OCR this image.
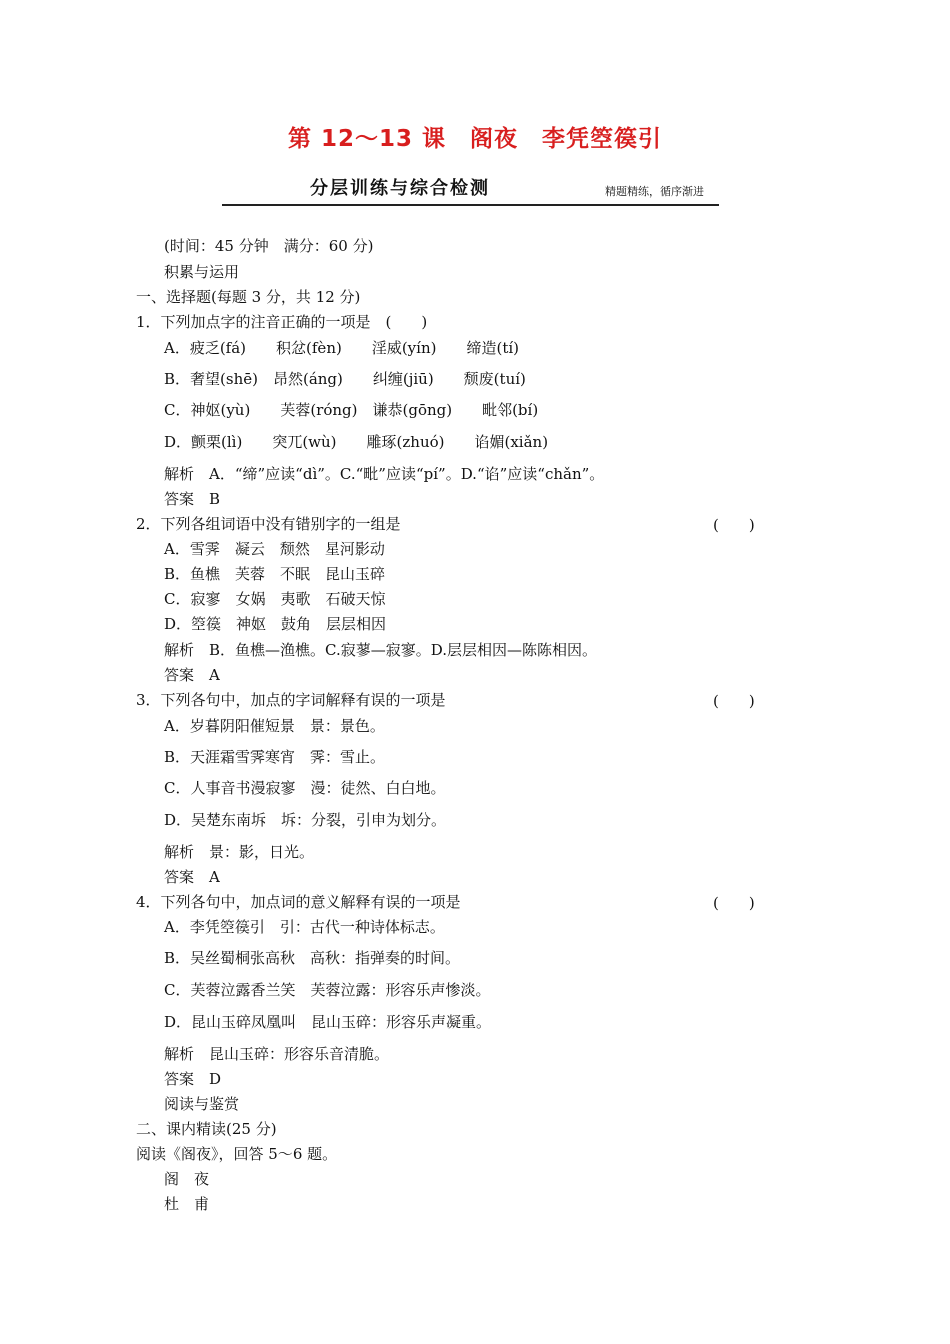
第 12～13 课　阁夜　李凭箜篌引
分层训练与综合检测	精题精练，循序渐进
(时间：45 分钟　满分：60 分)
积累与运用
一、选择题(每题 3 分，共 12 分)
1．下列加点字的注音正确的一项是　(　　)
A．疲乏(fá)　　积忿(fèn)　　淫威(yín)　　缔造(tí)
B．奢望(shē)　昂然(áng)　　纠缠(jiū)　　颓废(tuí)
C．神妪(yù)　　芙蓉(róng)　谦恭(gōng)　　毗邻(bí)
D．颤栗(lì)　　突兀(wù)　　雕琢(zhuó)　　谄媚(xiǎn)
解析　A．“缔”应读“dì”。C.“毗”应读“pí”。D.“谄”应读“chǎn”。
答案　B
2．下列各组词语中没有错别字的一组是
A．雪霁　凝云　颓然　星河影动
B．鱼樵　芙蓉　不眠　昆山玉碎
C．寂寥　女娲　夷歌　石破天惊
D．箜篌　神妪　鼓角　层层相因
解析　B．鱼樵—渔樵。C.寂蓼—寂寥。D.层层相因—陈陈相因。
答案　A
3．下列各句中，加点的字词解释有误的一项是
A．岁暮阴阳催短景　景：景色。
B．天涯霜雪霁寒宵　霁：雪止。
C．人事音书漫寂寥　漫：徒然、白白地。
D．吴楚东南坼　坼：分裂，引申为划分。
解析　景：影，日光。
答案　A
4．下列各句中，加点词的意义解释有误的一项是
A．李凭箜篌引　引：古代一种诗体标志。
B．吴丝蜀桐张高秋　高秋：指弹奏的时间。
C．芙蓉泣露香兰笑　芙蓉泣露：形容乐声惨淡。
D．昆山玉碎凤凰叫　昆山玉碎：形容乐声凝重。
解析　昆山玉碎：形容乐音清脆。
答案　D
阅读与鉴赏
二、课内精读(25 分)
阅读《阁夜》，回答 5～6 题。
阁　夜
杜　甫
(　　)
(　　)
(　　)
